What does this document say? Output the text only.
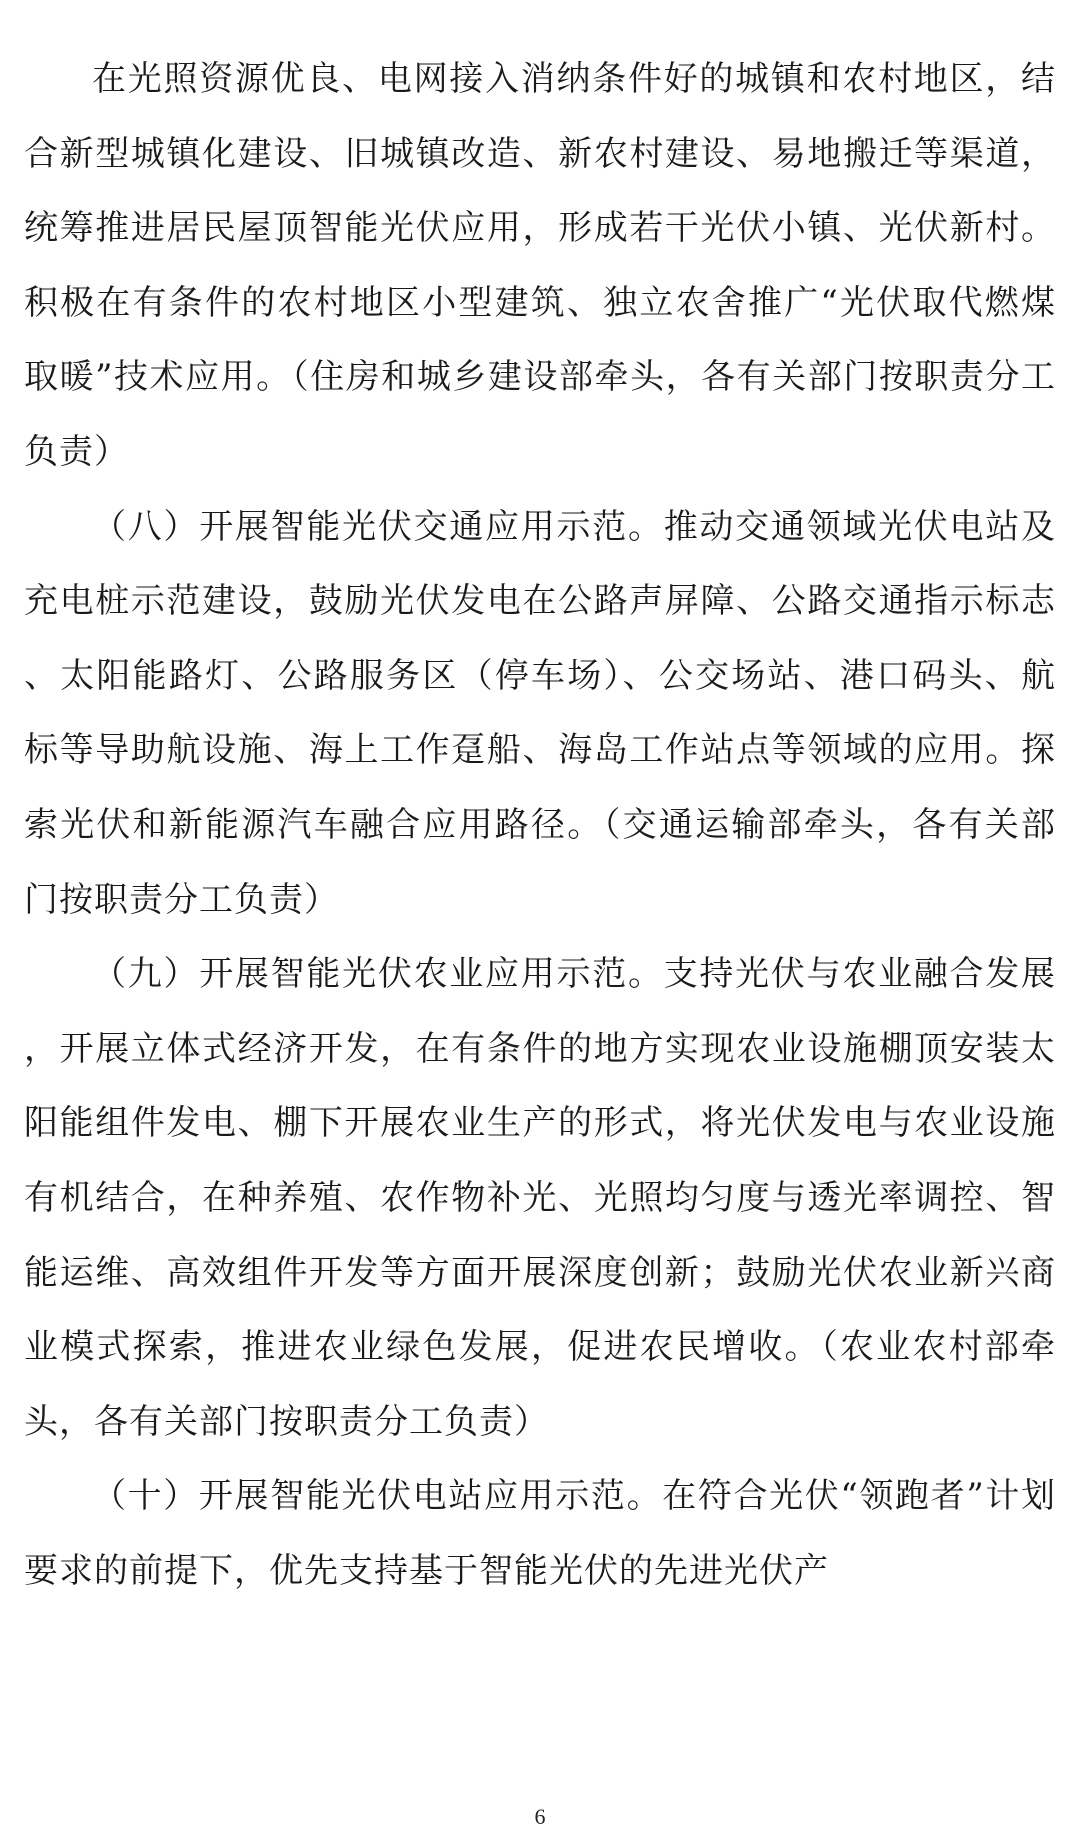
在光照资源优良、电网接入消纳条件好的城镇和农村地区，结合新型城镇化建设、旧城镇改造、新农村建设、易地搬迁等渠道，统筹推进居民屋顶智能光伏应用，形成若干光伏小镇、光伏新村。积极在有条件的农村地区小型建筑、独立农舍推广“光伏取代燃煤取暖”技术应用。（住房和城乡建设部牵头，各有关部门按职责分工负责）

（八）开展智能光伏交通应用示范。推动交通领域光伏电站及充电桩示范建设，鼓励光伏发电在公路声屏障、公路交通指示标志、太阳能路灯、公路服务区（停车场）、公交场站、港口码头、航标等导助航设施、海上工作趸船、海岛工作站点等领域的应用。探索光伏和新能源汽车融合应用路径。（交通运输部牵头，各有关部门按职责分工负责）

（九）开展智能光伏农业应用示范。支持光伏与农业融合发展，开展立体式经济开发，在有条件的地方实现农业设施棚顶安装太阳能组件发电、棚下开展农业生产的形式，将光伏发电与农业设施有机结合，在种养殖、农作物补光、光照均匀度与透光率调控、智能运维、高效组件开发等方面开展深度创新；鼓励光伏农业新兴商业模式探索，推进农业绿色发展，促进农民增收。（农业农村部牵头，各有关部门按职责分工负责）

（十）开展智能光伏电站应用示范。在符合光伏“领跑者”计划要求的前提下，优先支持基于智能光伏的先进光伏产

6
